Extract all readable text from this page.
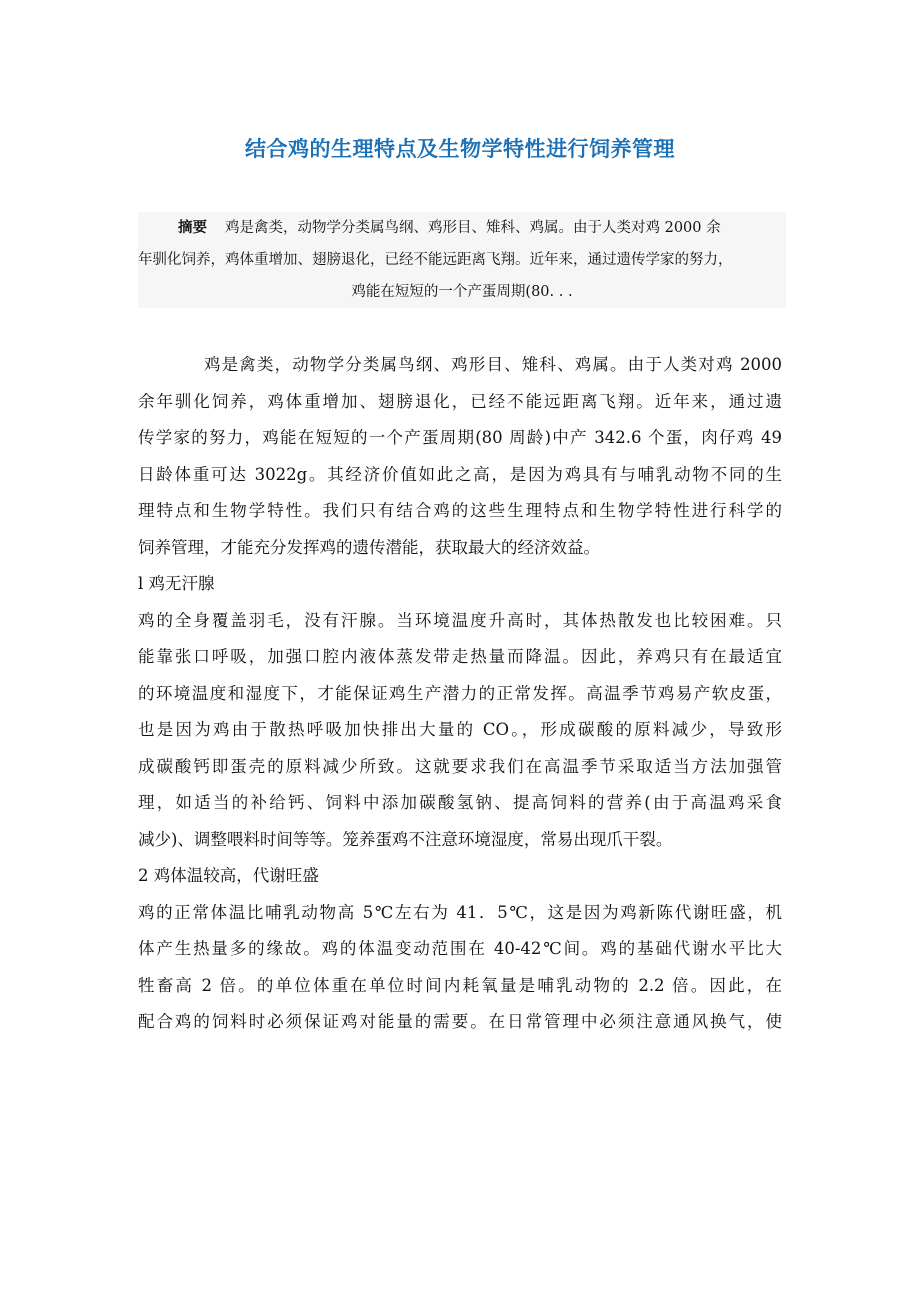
结合鸡的生理特点及生物学特性进行饲养管理
摘要 鸡是禽类，动物学分类属鸟纲、鸡形目、雉科、鸡属。由于人类对鸡 2000 余
年驯化饲养，鸡体重增加、翅膀退化，已经不能远距离飞翔。近年来，通过遗传学家的努力，
鸡能在短短的一个产蛋周期(80. . .
鸡是禽类，动物学分类属鸟纲、鸡形目、雉科、鸡属。由于人类对鸡 2000
余年驯化饲养，鸡体重增加、翅膀退化，已经不能远距离飞翔。近年来，通过遗
传学家的努力，鸡能在短短的一个产蛋周期(80 周龄)中产 342.6 个蛋，肉仔鸡 49
日龄体重可达 3022g。其经济价值如此之高，是因为鸡具有与哺乳动物不同的生
理特点和生物学特性。我们只有结合鸡的这些生理特点和生物学特性进行科学的
饲养管理，才能充分发挥鸡的遗传潜能，获取最大的经济效益。
l 鸡无汗腺
鸡的全身覆盖羽毛，没有汗腺。当环境温度升高时，其体热散发也比较困难。只
能靠张口呼吸，加强口腔内液体蒸发带走热量而降温。因此，养鸡只有在最适宜
的环境温度和湿度下，才能保证鸡生产潜力的正常发挥。高温季节鸡易产软皮蛋，
也是因为鸡由于散热呼吸加快排出大量的 CO。，形成碳酸的原料减少，导致形
成碳酸钙即蛋壳的原料减少所致。这就要求我们在高温季节采取适当方法加强管
理，如适当的补给钙、饲料中添加碳酸氢钠、提高饲料的营养(由于高温鸡采食
减少)、调整喂料时间等等。笼养蛋鸡不注意环境湿度，常易出现爪干裂。
2 鸡体温较高，代谢旺盛
鸡的正常体温比哺乳动物高 5℃左右为 41．5℃，这是因为鸡新陈代谢旺盛，机
体产生热量多的缘故。鸡的体温变动范围在 40-42℃间。鸡的基础代谢水平比大
牲畜高 2 倍。的单位体重在单位时间内耗氧量是哺乳动物的 2.2 倍。因此，在
配合鸡的饲料时必须保证鸡对能量的需要。在日常管理中必须注意通风换气，使
